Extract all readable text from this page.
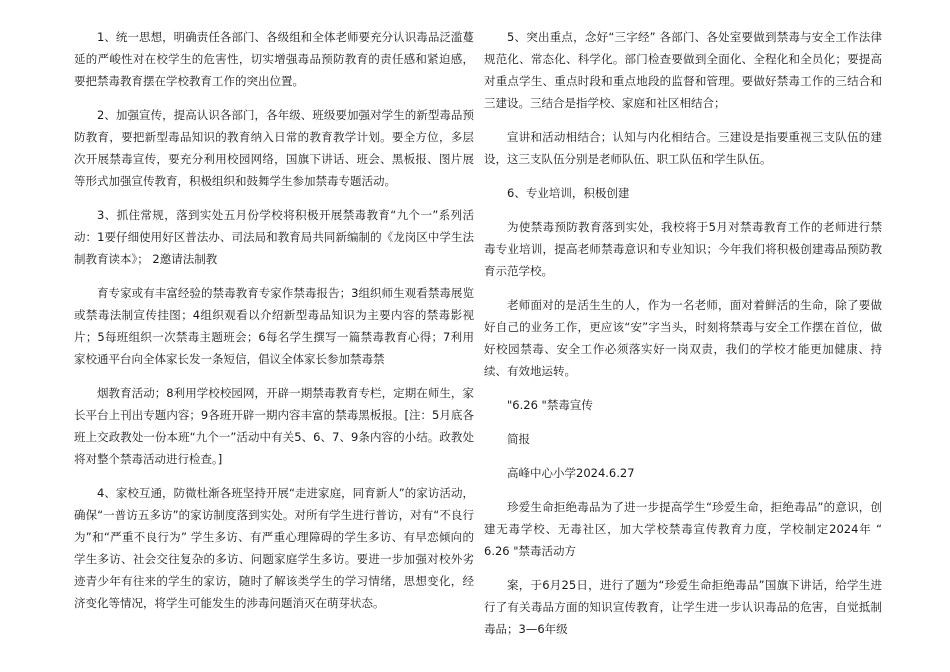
1、统一思想，明确责任各部门、各级组和全体老师要充分认识毒品泛滥蔓延的严峻性对在校学生的危害性，切实增强毒品预防教育的责任感和紧迫感，要把禁毒教育摆在学校教育工作的突出位置。

2、加强宣传，提高认识各部门，各年级、班级要加强对学生的新型毒品预防教育，要把新型毒品知识的教育纳入日常的教育教学计划。要全方位，多层次开展禁毒宣传，要充分利用校园网络，国旗下讲话、班会、黑板报、图片展等形式加强宣传教育，积极组织和鼓舞学生参加禁毒专题活动。

3、抓住常规，落到实处五月份学校将积极开展禁毒教育“九个一”系列活动：1要仔细使用好区普法办、司法局和教育局共同新编制的《龙岗区中学生法制教育读本》； 2邀请法制教

育专家或有丰富经验的禁毒教育专家作禁毒报告；3组织师生观看禁毒展览或禁毒法制宣传挂图；4组织观看以介绍新型毒品知识为主要内容的禁毒影视片；5每班组织一次禁毒主题班会；6每名学生撰写一篇禁毒教育心得；7利用家校通平台向全体家长发一条短信，倡议全体家长参加禁毒禁

烟教育活动；8利用学校校园网，开辟一期禁毒教育专栏，定期在师生，家长平台上刊出专题内容；9各班开辟一期内容丰富的禁毒黑板报。[注：5月底各班上交政教处一份本班“九个一”活动中有关5、6、7、9条内容的小结。政教处将对整个禁毒活动进行检查。]

4、家校互通，防微杜渐各班坚持开展“走进家庭，同育新人”的家访活动，确保“一普访五多访”的家访制度落到实处。对所有学生进行普访，对有“不良行为”和“严重不良行为” 学生多访、有严重心理障碍的学生多访、有早恋倾向的学生多访、社会交往复杂的多访、问题家庭学生多访。要进一步加强对校外劣迹青少年有往来的学生的家访，随时了解该类学生的学习情绪，思想变化，经济变化等情况，将学生可能发生的涉毒问题消灭在萌芽状态。

5、突出重点，念好“三字经” 各部门、各处室要做到禁毒与安全工作法律规范化、常态化、科学化。部门检查要做到全面化、全程化和全员化；要提高对重点学生、重点时段和重点地段的监督和管理。要做好禁毒工作的三结合和三建设。三结合是指学校、家庭和社区相结合；

宣讲和活动相结合；认知与内化相结合。三建设是指要重视三支队伍的建设，这三支队伍分别是老师队伍、职工队伍和学生队伍。

6、专业培训，积极创建

为使禁毒预防教育落到实处，我校将于5月对禁毒教育工作的老师进行禁毒专业培训，提高老师禁毒意识和专业知识；今年我们将积极创建毒品预防教育示范学校。

老师面对的是活生生的人，作为一名老师，面对着鲜活的生命，除了要做好自己的业务工作，更应该“安”字当头，时刻将禁毒与安全工作摆在首位，做好校园禁毒、安全工作必须落实好一岗双责，我们的学校才能更加健康、持续、有效地运转。

"6.26 "禁毒宣传

简报

高峰中心小学2024.6.27

珍爱生命拒绝毒品为了进一步提高学生“珍爱生命，拒绝毒品”的意识，创建无毒学校、无毒社区，加大学校禁毒宣传教育力度，学校制定2024年 “ 6.26 "禁毒活动方

案，于6月25日，进行了题为“珍爱生命拒绝毒品”国旗下讲话，给学生进行了有关毒品方面的知识宣传教育，让学生进一步认识毒品的危害，自觉抵制毒品；3—6年级
